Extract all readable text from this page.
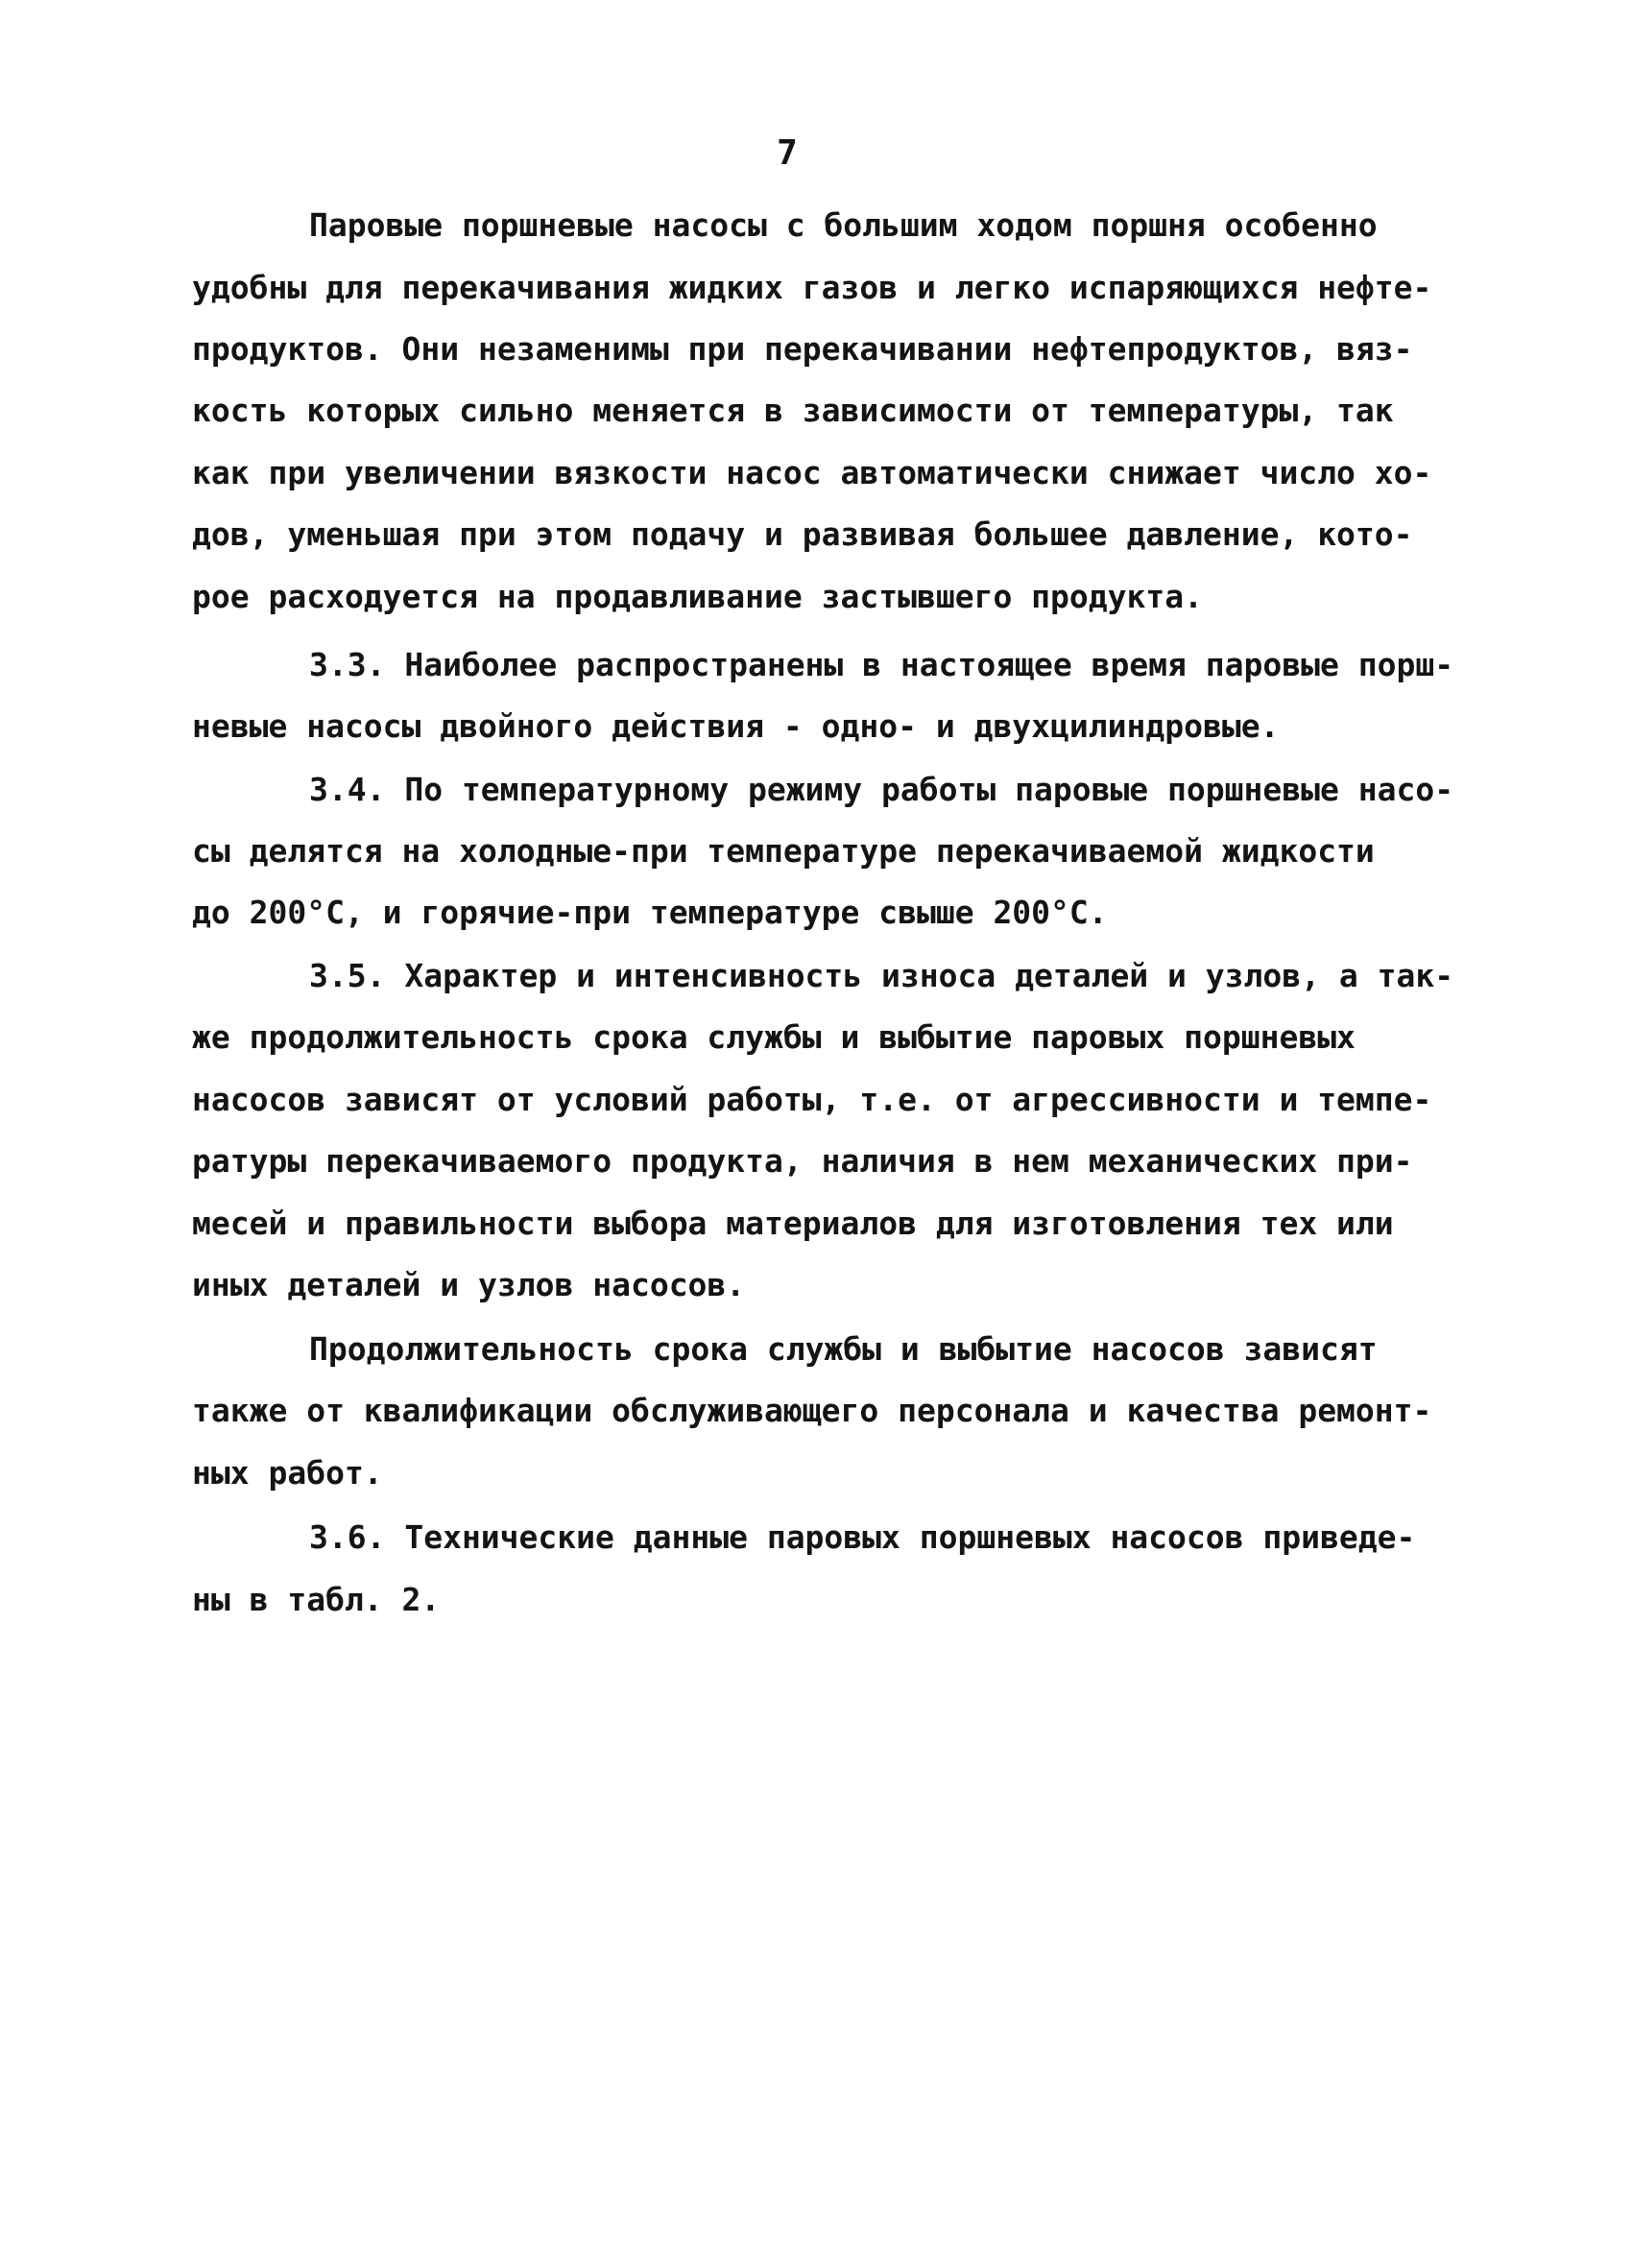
7
Паровые поршневые насосы с большим ходом поршня особенно
удобны для перекачивания жидких газов и легко испаряющихся нефте-
продуктов. Они незаменимы при перекачивании нефтепродуктов, вяз-
кость которых сильно меняется в зависимости от температуры, так
как при увеличении вязкости насос автоматически снижает число хо-
дов, уменьшая при этом подачу и развивая большее давление, кото-
рое расходуется на продавливание застывшего продукта.
3.3. Наиболее распространены в настоящее время паровые порш-
невые насосы двойного действия - одно- и двухцилиндровые.
3.4. По температурному режиму работы паровые поршневые насо-
сы делятся на холодные-при температуре перекачиваемой жидкости
до 200°С, и горячие-при температуре свыше 200°С.
3.5. Характер и интенсивность износа деталей и узлов, а так-
же продолжительность срока службы и выбытие паровых поршневых
насосов зависят от условий работы, т.е. от агрессивности и темпе-
ратуры перекачиваемого продукта, наличия в нем механических при-
месей и правильности выбора материалов для изготовления тех или
иных деталей и узлов насосов.
Продолжительность срока службы и выбытие насосов зависят
также от квалификации обслуживающего персонала и качества ремонт-
ных работ.
3.6. Технические данные паровых поршневых насосов приведе-
ны в табл. 2.
